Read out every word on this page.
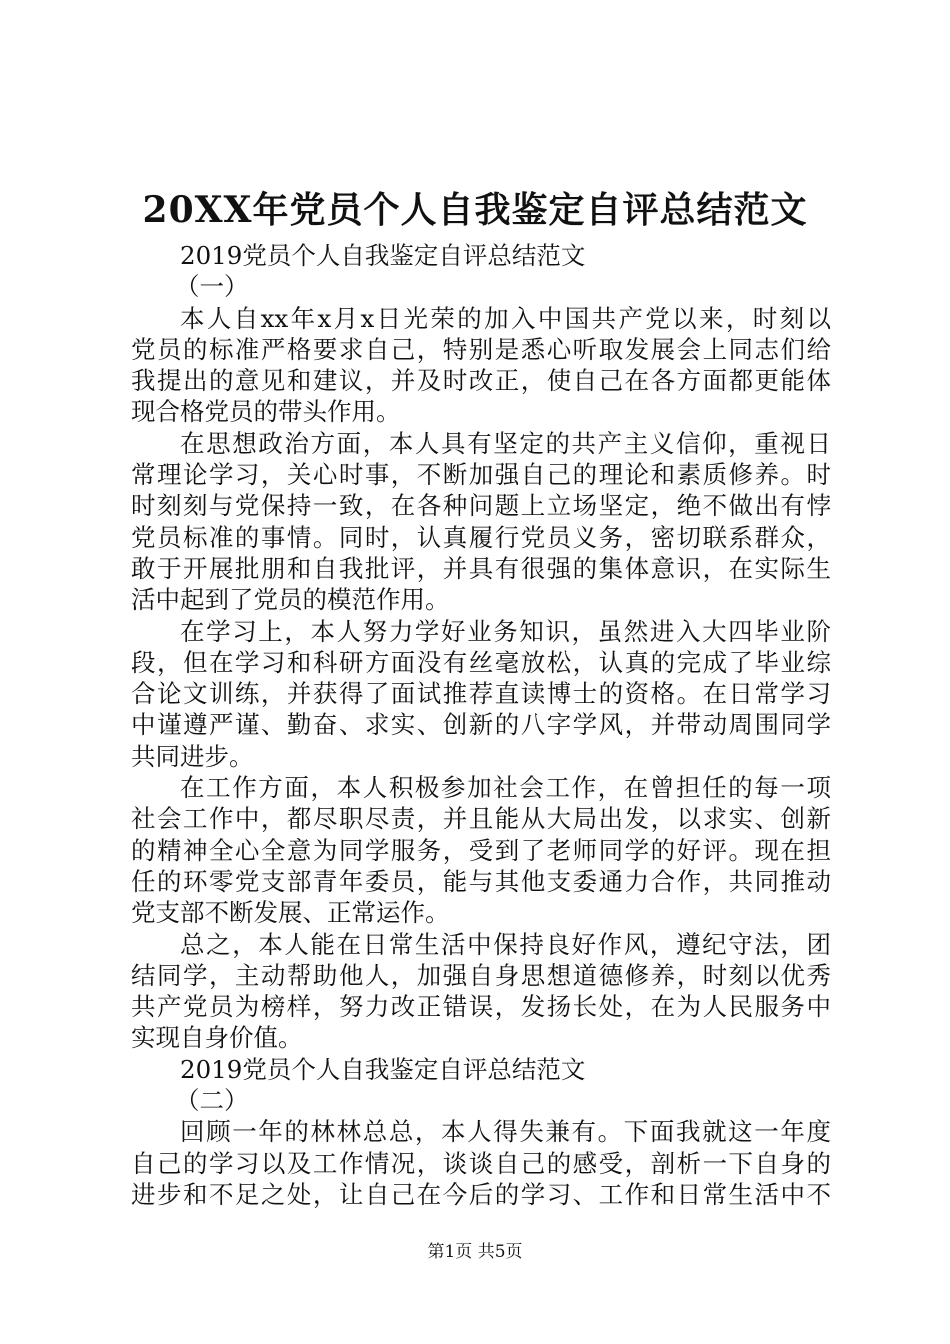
20XX年党员个人自我鉴定自评总结范文
2019党员个人自我鉴定自评总结范文
（一）
本人自xx年x月x日光荣的加入中国共产党以来，时刻以
党员的标准严格要求自己，特别是悉心听取发展会上同志们给
我提出的意见和建议，并及时改正，使自己在各方面都更能体
现合格党员的带头作用。
在思想政治方面，本人具有坚定的共产主义信仰，重视日
常理论学习，关心时事，不断加强自己的理论和素质修养。时
时刻刻与党保持一致，在各种问题上立场坚定，绝不做出有悖
党员标准的事情。同时，认真履行党员义务，密切联系群众，
敢于开展批朋和自我批评，并具有很强的集体意识，在实际生
活中起到了党员的模范作用。
在学习上，本人努力学好业务知识，虽然进入大四毕业阶
段，但在学习和科研方面没有丝毫放松，认真的完成了毕业综
合论文训练，并获得了面试推荐直读博士的资格。在日常学习
中谨遵严谨、勤奋、求实、创新的八字学风，并带动周围同学
共同进步。
在工作方面，本人积极参加社会工作，在曾担任的每一项
社会工作中，都尽职尽责，并且能从大局出发，以求实、创新
的精神全心全意为同学服务，受到了老师同学的好评。现在担
任的环零党支部青年委员，能与其他支委通力合作，共同推动
党支部不断发展、正常运作。
总之，本人能在日常生活中保持良好作风，遵纪守法，团
结同学，主动帮助他人，加强自身思想道德修养，时刻以优秀
共产党员为榜样，努力改正错误，发扬长处，在为人民服务中
实现自身价值。
2019党员个人自我鉴定自评总结范文
（二）
回顾一年的林林总总，本人得失兼有。下面我就这一年度
自己的学习以及工作情况，谈谈自己的感受，剖析一下自身的
进步和不足之处，让自己在今后的学习、工作和日常生活中不
第1页 共5页
